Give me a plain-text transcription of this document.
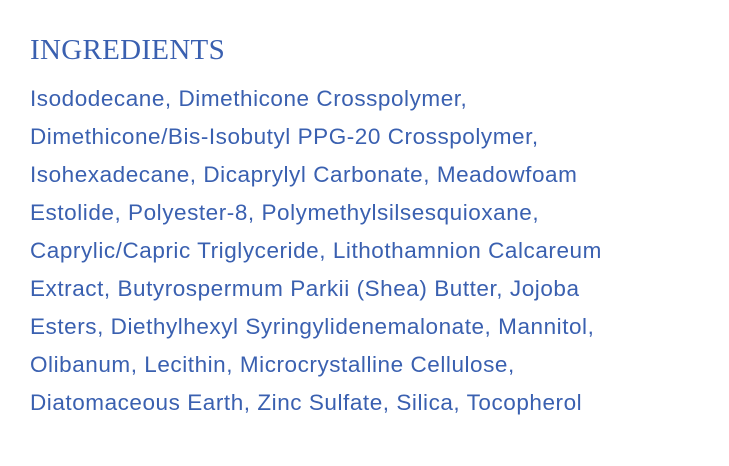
INGREDIENTS
Isododecane, Dimethicone Crosspolymer,
Dimethicone/Bis-Isobutyl PPG-20 Crosspolymer,
Isohexadecane, Dicaprylyl Carbonate, Meadowfoam
Estolide, Polyester-8, Polymethylsilsesquioxane,
Caprylic/Capric Triglyceride, Lithothamnion Calcareum
Extract, Butyrospermum Parkii (Shea) Butter, Jojoba
Esters, Diethylhexyl Syringylidenemalonate, Mannitol,
Olibanum, Lecithin, Microcrystalline Cellulose,
Diatomaceous Earth, Zinc Sulfate, Silica, Tocopherol
